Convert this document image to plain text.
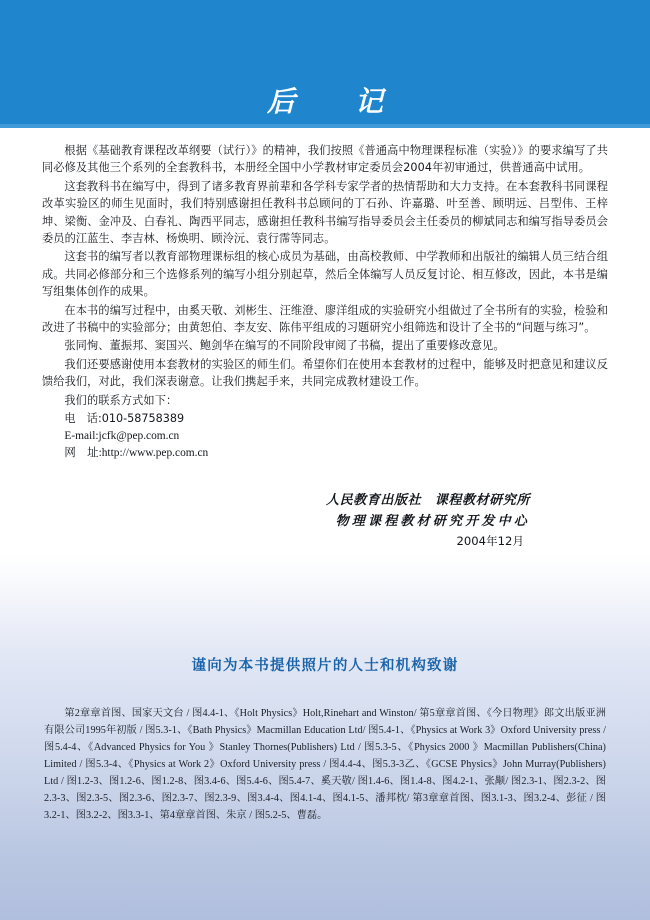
后　记

根据《基础教育课程改革纲要（试行）》的精神，我们按照《普通高中物理课程标准（实验）》的要求编写了共同必修及其他三个系列的全套教科书，本册经全国中小学教材审定委员会2004年初审通过，供普通高中试用。

这套教科书在编写中，得到了诸多教育界前辈和各学科专家学者的热情帮助和大力支持。在本套教科书同课程改革实验区的师生见面时，我们特别感谢担任教科书总顾问的丁石孙、许嘉璐、叶至善、顾明远、吕型伟、王梓坤、梁衡、金冲及、白春礼、陶西平同志，感谢担任教科书编写指导委员会主任委员的柳斌同志和编写指导委员会委员的江蓝生、李吉林、杨焕明、顾泠沅、袁行霈等同志。

这套书的编写者以教育部物理课标组的核心成员为基础，由高校教师、中学教师和出版社的编辑人员三结合组成。共同必修部分和三个选修系列的编写小组分别起草，然后全体编写人员反复讨论、相互修改，因此，本书是编写组集体创作的成果。

在本书的编写过程中，由奚天敬、刘彬生、汪维澄、廖洋组成的实验研究小组做过了全书所有的实验，检验和改进了书稿中的实验部分；由黄恕伯、李友安、陈伟平组成的习题研究小组筛选和设计了全书的“问题与练习”。

张同恂、董振邦、窦国兴、鲍剑华在编写的不同阶段审阅了书稿，提出了重要修改意见。

我们还要感谢使用本套教材的实验区的师生们。希望你们在使用本套教材的过程中，能够及时把意见和建议反馈给我们，对此，我们深表谢意。让我们携起手来，共同完成教材建设工作。

我们的联系方式如下：

电　话:010-58758389
E-mail:jcfk@pep.com.cn
网　址:http://www.pep.com.cn
人民教育出版社　课程教材研究所
物理课程教材研究开发中心
2004年12月
谨向为本书提供照片的人士和机构致谢
第2章章首图、国家天文台 / 图4.4-1、《Holt Physics》Holt,Rinehart and Winston/ 第5章章首图、《今日物理》郎文出版亚洲有限公司1995年初版 / 图5.3-1、《Bath Physics》Macmillan Education Ltd/ 图5.4-1、《Physics at Work 3》Oxford University press / 图5.4-4、《Advanced Physics for You 》Stanley Thornes(Publishers) Ltd / 图5.3-5、《Physics 2000 》Macmillan Publishers(China) Limited / 图5.3-4、《Physics at Work 2》Oxford University press / 图4.4-4、图5.3-3乙、《GCSE Physics》John Murray(Publishers) Ltd / 图1.2-3、图1.2-6、图1.2-8、图3.4-6、图5.4-6、图5.4-7、奚天敬/ 图1.4-6、图1.4-8、图4.2-1、张颙/ 图2.3-1、图2.3-2、图2.3-3、图2.3-5、图2.3-6、图2.3-7、图2.3-9、图3.4-4、图4.1-4、图4.1-5、潘邦枕/ 第3章章首图、图3.1-3、图3.2-4、彭征 / 图3.2-1、图3.2-2、图3.3-1、第4章章首图、朱京 / 图5.2-5、曹磊。
